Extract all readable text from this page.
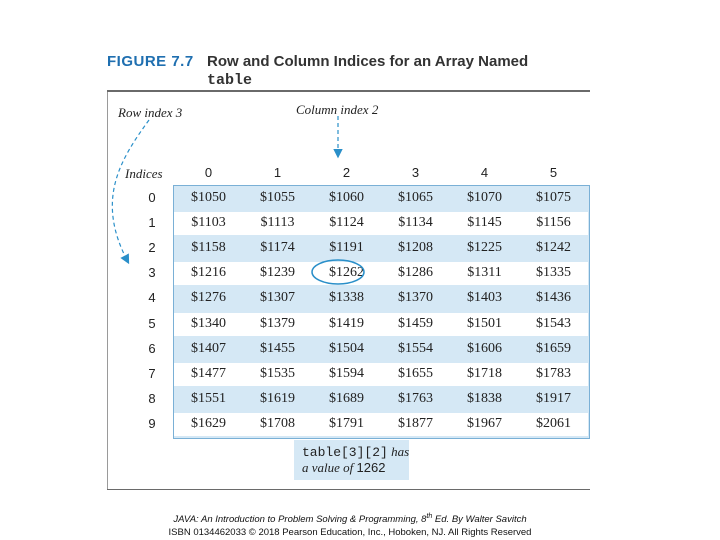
FIGURE 7.7 Row and Column Indices for an Array Named table
Row index 3	Column index 2
Indices	0	1	2	3	4	5
0	$1050	$1055	$1060	$1065	$1070	$1075
1	$1103	$1113	$1124	$1134	$1145	$1156
2	$1158	$1174	$1191	$1208	$1225	$1242
3	$1216	$1239	$1262	$1286	$1311	$1335
4	$1276	$1307	$1338	$1370	$1403	$1436
5	$1340	$1379	$1419	$1459	$1501	$1543
6	$1407	$1455	$1504	$1554	$1606	$1659
7	$1477	$1535	$1594	$1655	$1718	$1783
8	$1551	$1619	$1689	$1763	$1838	$1917
9	$1629	$1708	$1791	$1877	$1967	$2061
table[3][2] has
a value of 1262
JAVA: An Introduction to Problem Solving & Programming, 8th Ed. By Walter Savitch
ISBN 0134462033 © 2018 Pearson Education, Inc., Hoboken, NJ. All Rights Reserved
